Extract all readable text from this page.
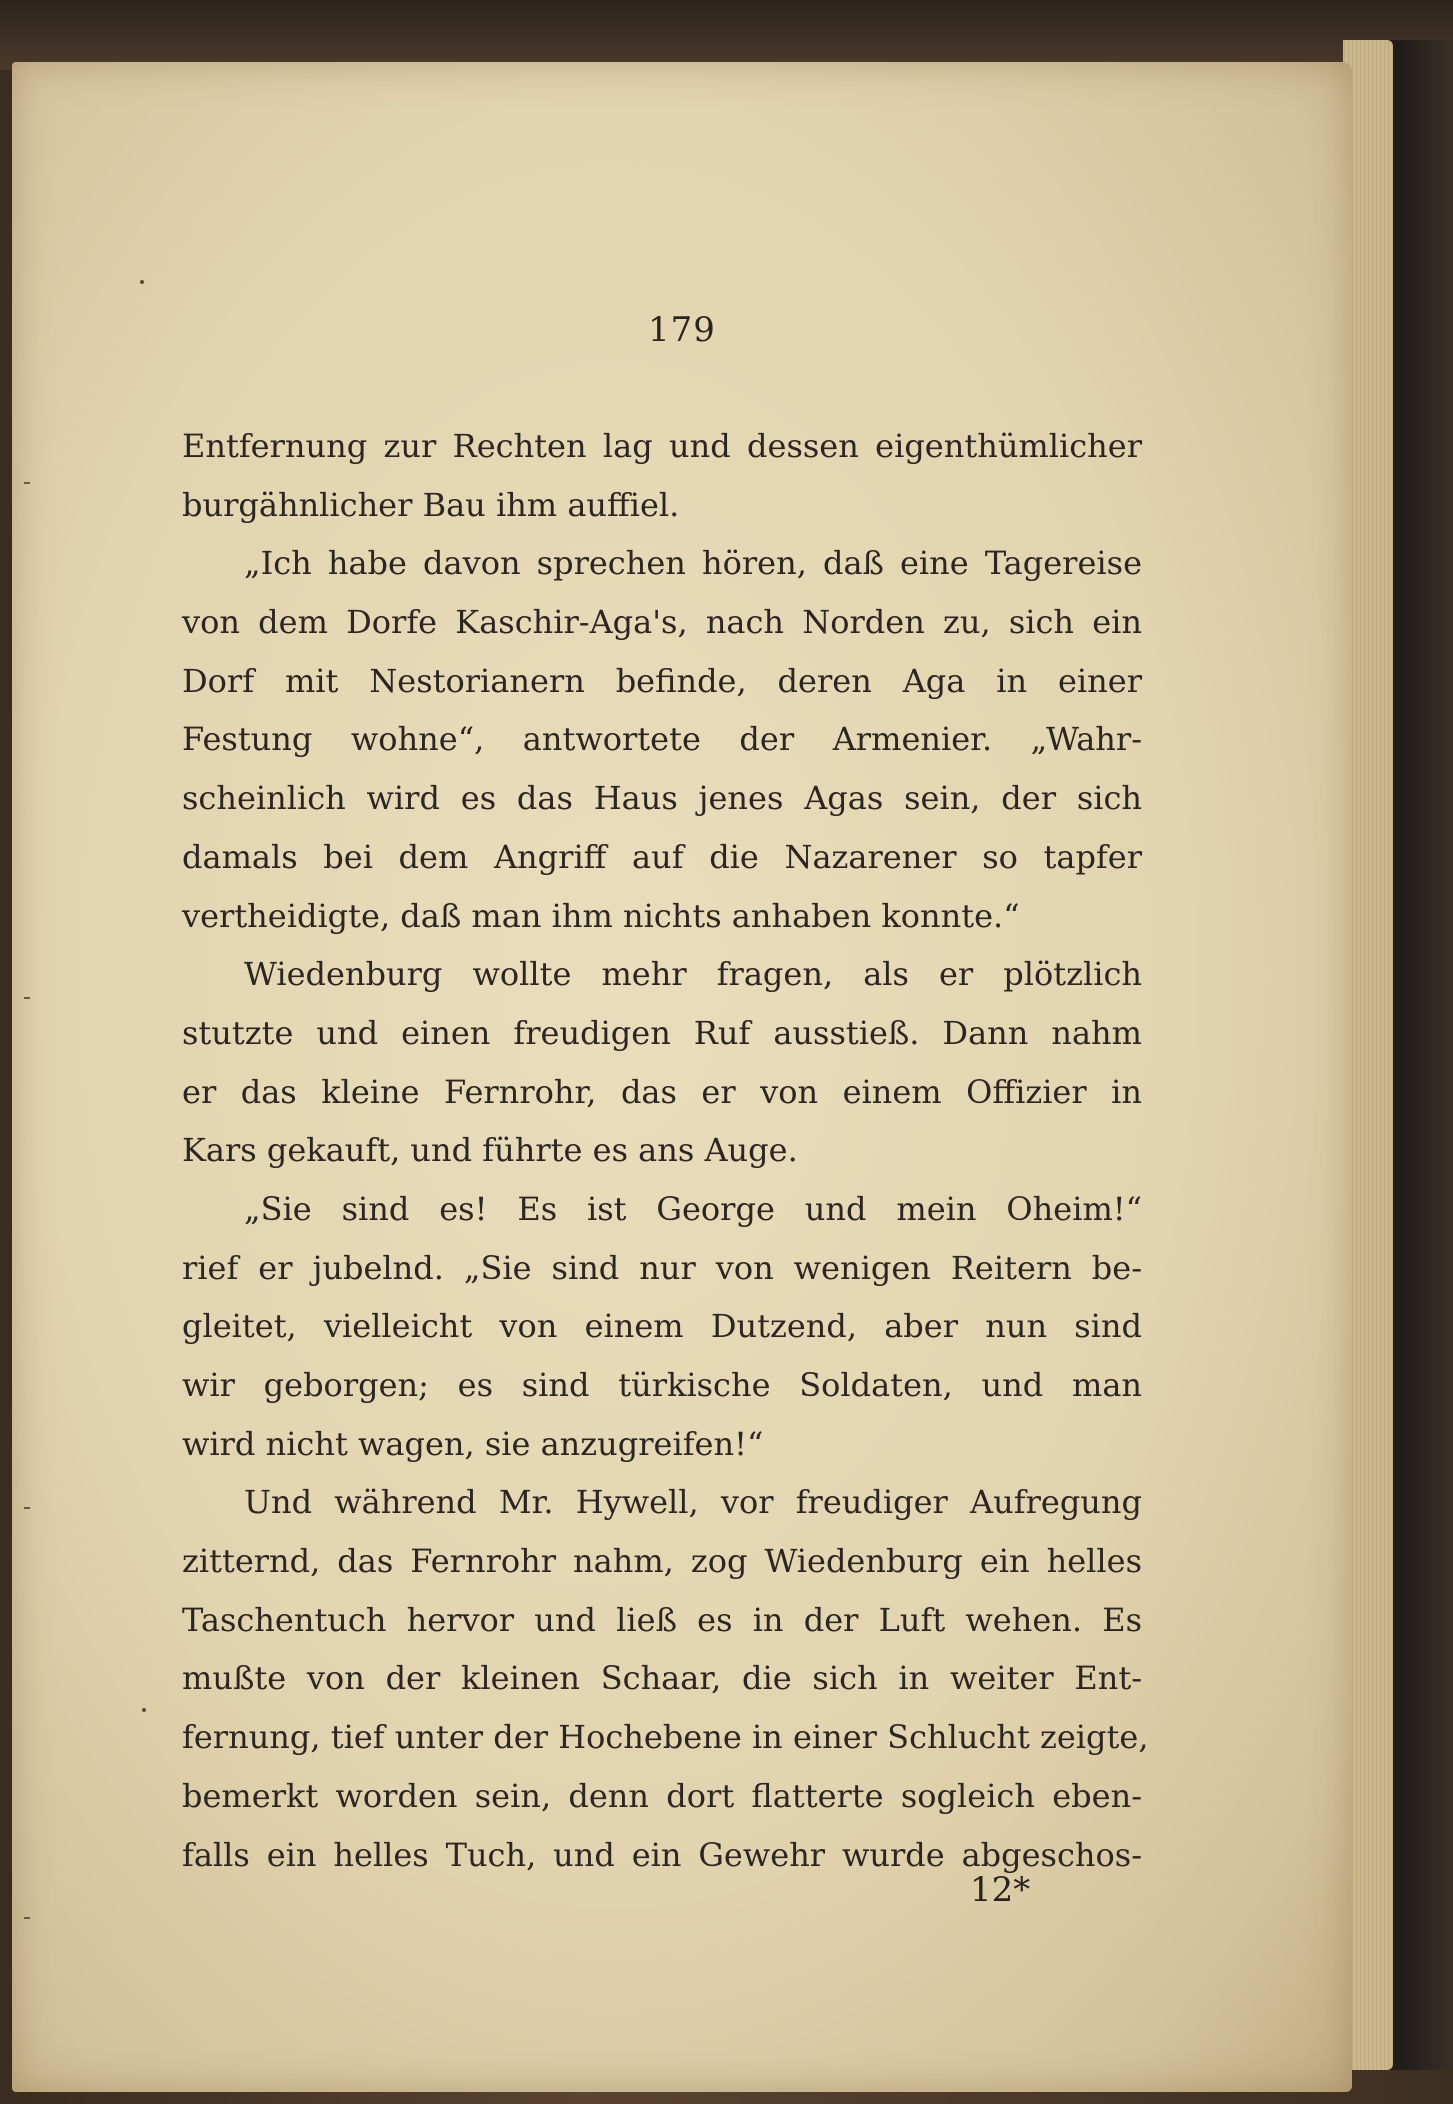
179
Entfernung zur Rechten lag und dessen eigenthümlicher
burgähnlicher Bau ihm auffiel.
„Ich habe davon sprechen hören, daß eine Tagereise
von dem Dorfe Kaschir-Aga's, nach Norden zu, sich ein
Dorf mit Nestorianern befinde, deren Aga in einer
Festung wohne“, antwortete der Armenier. „Wahr-
scheinlich wird es das Haus jenes Agas sein, der sich
damals bei dem Angriff auf die Nazarener so tapfer
vertheidigte, daß man ihm nichts anhaben konnte.“
Wiedenburg wollte mehr fragen, als er plötzlich
stutzte und einen freudigen Ruf ausstieß. Dann nahm
er das kleine Fernrohr, das er von einem Offizier in
Kars gekauft, und führte es ans Auge.
„Sie sind es! Es ist George und mein Oheim!“
rief er jubelnd. „Sie sind nur von wenigen Reitern be-
gleitet, vielleicht von einem Dutzend, aber nun sind
wir geborgen; es sind türkische Soldaten, und man
wird nicht wagen, sie anzugreifen!“
Und während Mr. Hywell, vor freudiger Aufregung
zitternd, das Fernrohr nahm, zog Wiedenburg ein helles
Taschentuch hervor und ließ es in der Luft wehen. Es
mußte von der kleinen Schaar, die sich in weiter Ent-
fernung, tief unter der Hochebene in einer Schlucht zeigte,
bemerkt worden sein, denn dort flatterte sogleich eben-
falls ein helles Tuch, und ein Gewehr wurde abgeschos-
12*
